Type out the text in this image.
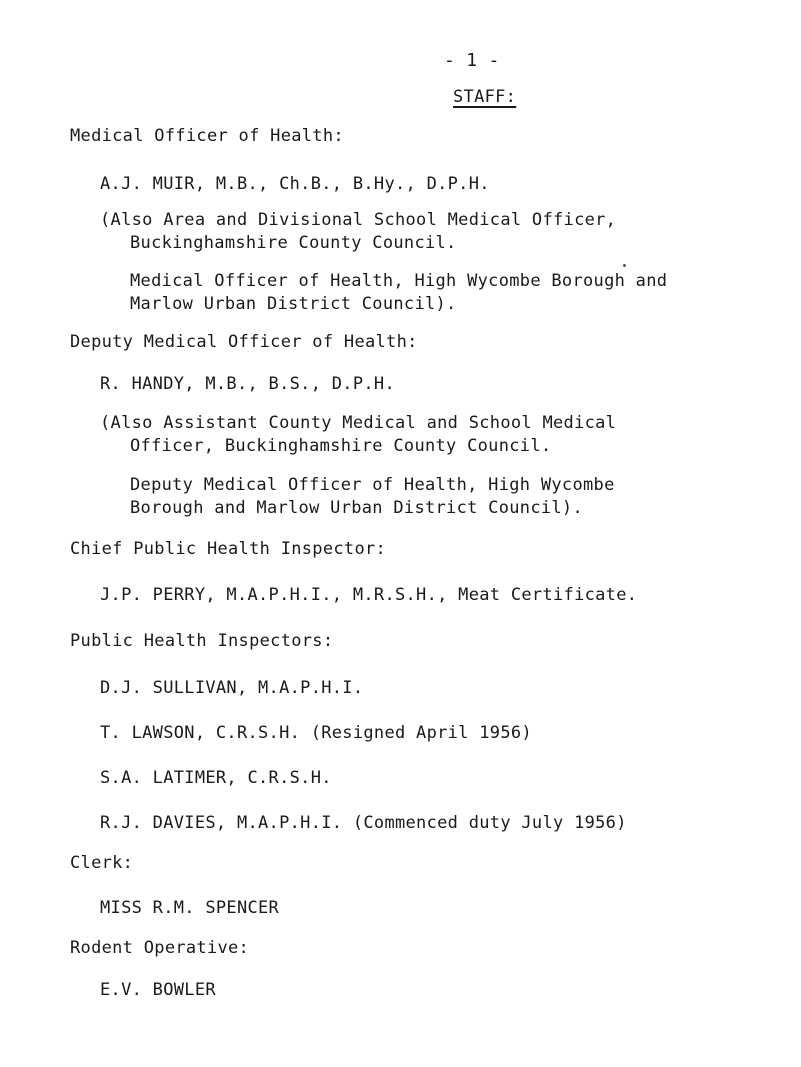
- 1 -
STAFF:
Medical Officer of Health:
A.J. MUIR, M.B., Ch.B., B.Hy., D.P.H.
(Also Area and Divisional School Medical Officer,
Buckinghamshire County Council.
Medical Officer of Health, High Wycombe Borough and
Marlow Urban District Council).
Deputy Medical Officer of Health:
R. HANDY, M.B., B.S., D.P.H.
(Also Assistant County Medical and School Medical
Officer, Buckinghamshire County Council.
Deputy Medical Officer of Health, High Wycombe
Borough and Marlow Urban District Council).
Chief Public Health Inspector:
J.P. PERRY, M.A.P.H.I., M.R.S.H., Meat Certificate.
Public Health Inspectors:
D.J. SULLIVAN, M.A.P.H.I.
T. LAWSON, C.R.S.H. (Resigned April 1956)
S.A. LATIMER, C.R.S.H.
R.J. DAVIES, M.A.P.H.I. (Commenced duty July 1956)
Clerk:
MISS R.M. SPENCER
Rodent Operative:
E.V. BOWLER
